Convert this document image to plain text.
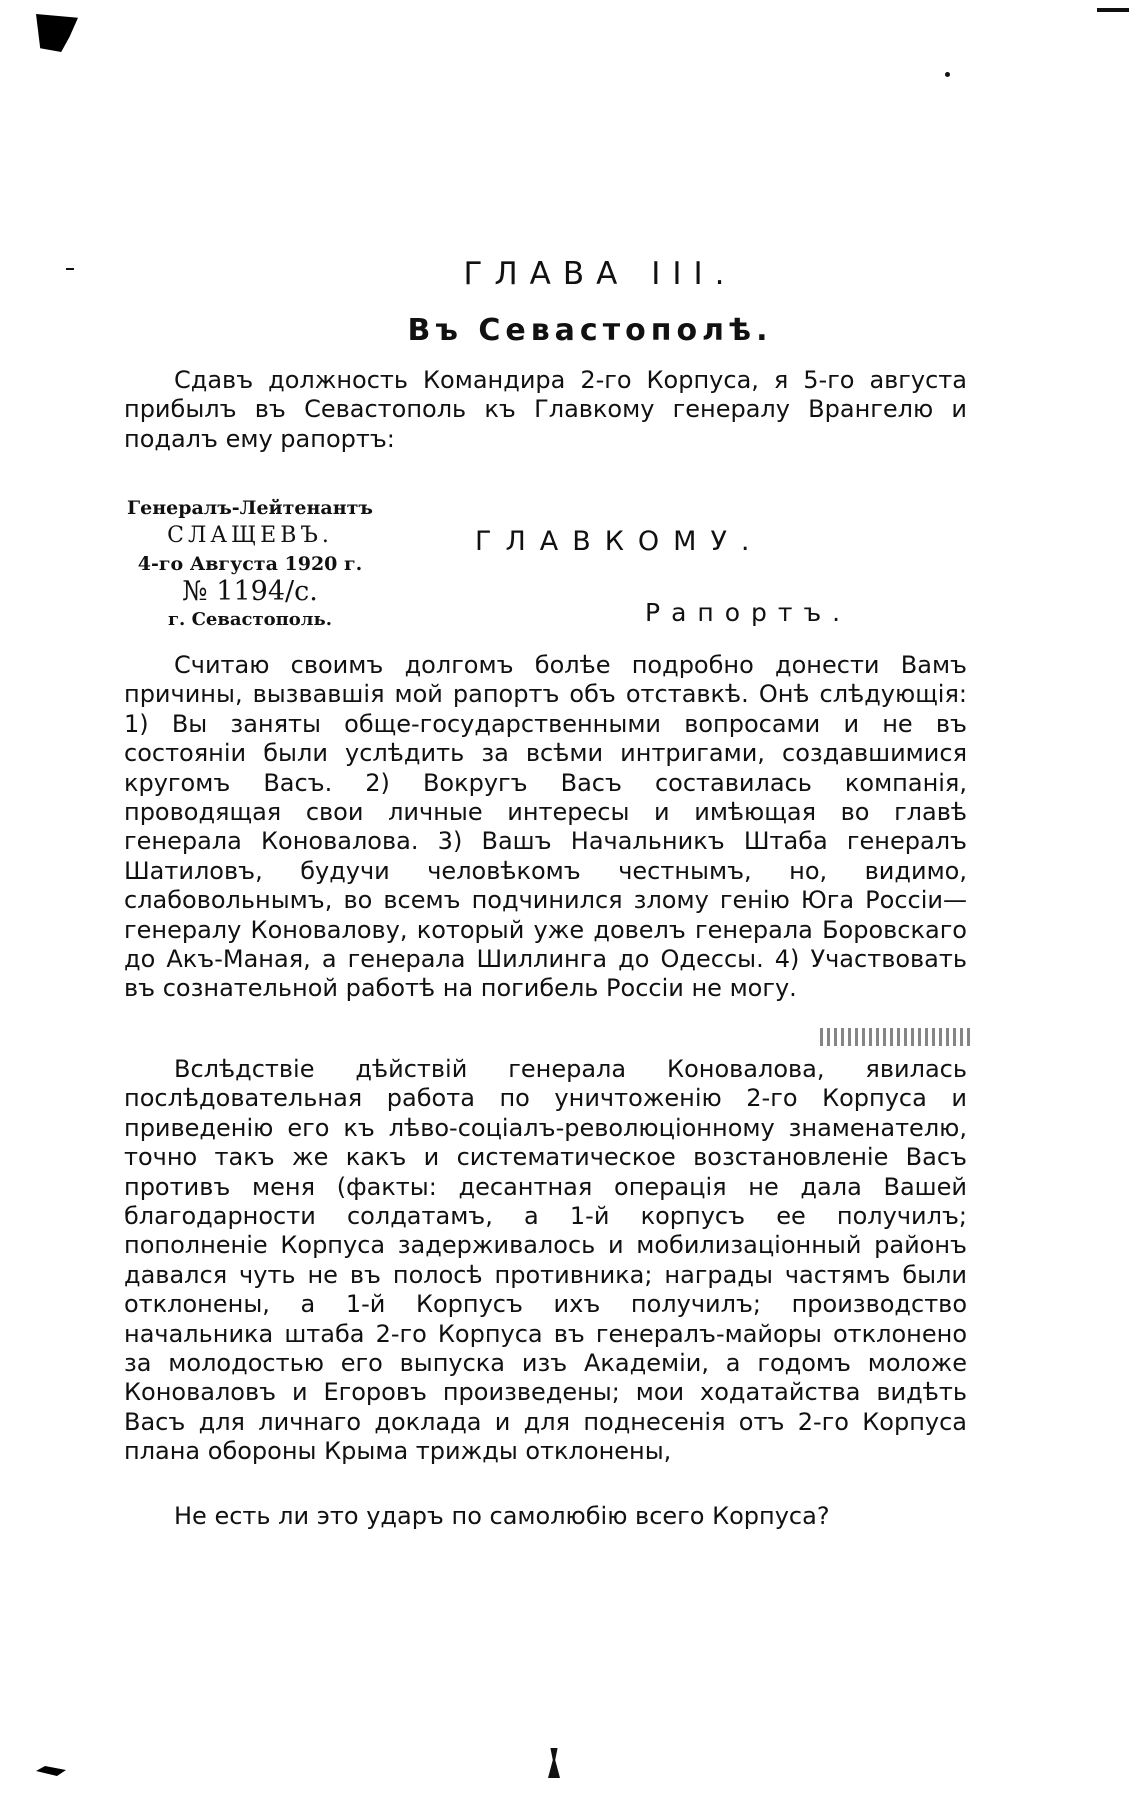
ГЛАВА III.
Въ Севастополѣ.
Сдавъ должность Командира 2-го Корпуса, я 5-го августа прибылъ въ Севастополь къ Главкому генералу Врангелю и подалъ ему рапортъ:
Генералъ-Лейтенантъ
СЛАЩЕВЪ.
4-го Августа 1920 г.
№ 1194/с.
г. Севастополь.
ГЛАВКОМУ.
Рапортъ.
Считаю своимъ долгомъ болѣе подробно донести Вамъ причины, вызвавшія мой рапортъ объ отставкѣ. Онѣ слѣдующія: 1) Вы заняты обще-государственными вопросами и не въ состояніи были услѣдить за всѣми интригами, создавшимися кругомъ Васъ. 2) Вокругъ Васъ составилась компанія, проводящая свои личные интересы и имѣющая во главѣ генерала Коновалова. 3) Вашъ Начальникъ Штаба генералъ Шатиловъ, будучи человѣкомъ честнымъ, но, видимо, слабовольнымъ, во всемъ подчинился злому генію Юга Россіи—генералу Коновалову, который уже довелъ генерала Боровскаго до Акъ-Маная, а генерала Шиллинга до Одессы. 4) Участвовать въ сознательной работѣ на погибель Россіи не могу.
Вслѣдствіе дѣйствій генерала Коновалова, явилась послѣдовательная работа по уничтоженію 2-го Корпуса и приведенію его къ лѣво-соціалъ-революціонному знаменателю, точно такъ же какъ и систематическое возстановленіе Васъ противъ меня (факты: десантная операція не дала Вашей благодарности солдатамъ, а 1-й корпусъ ее получилъ; пополненіе Корпуса задерживалось и мобилизаціонный районъ давался чуть не въ полосѣ противника; награды частямъ были отклонены, а 1-й Корпусъ ихъ получилъ; производство начальника штаба 2-го Корпуса въ генералъ-майоры отклонено за молодостью его выпуска изъ Академіи, а годомъ моложе Коноваловъ и Егоровъ произведены; мои ходатайства видѣть Васъ для личнаго доклада и для поднесенія отъ 2-го Корпуса плана обороны Крыма трижды отклонены,
Не есть ли это ударъ по самолюбію всего Корпуса?
